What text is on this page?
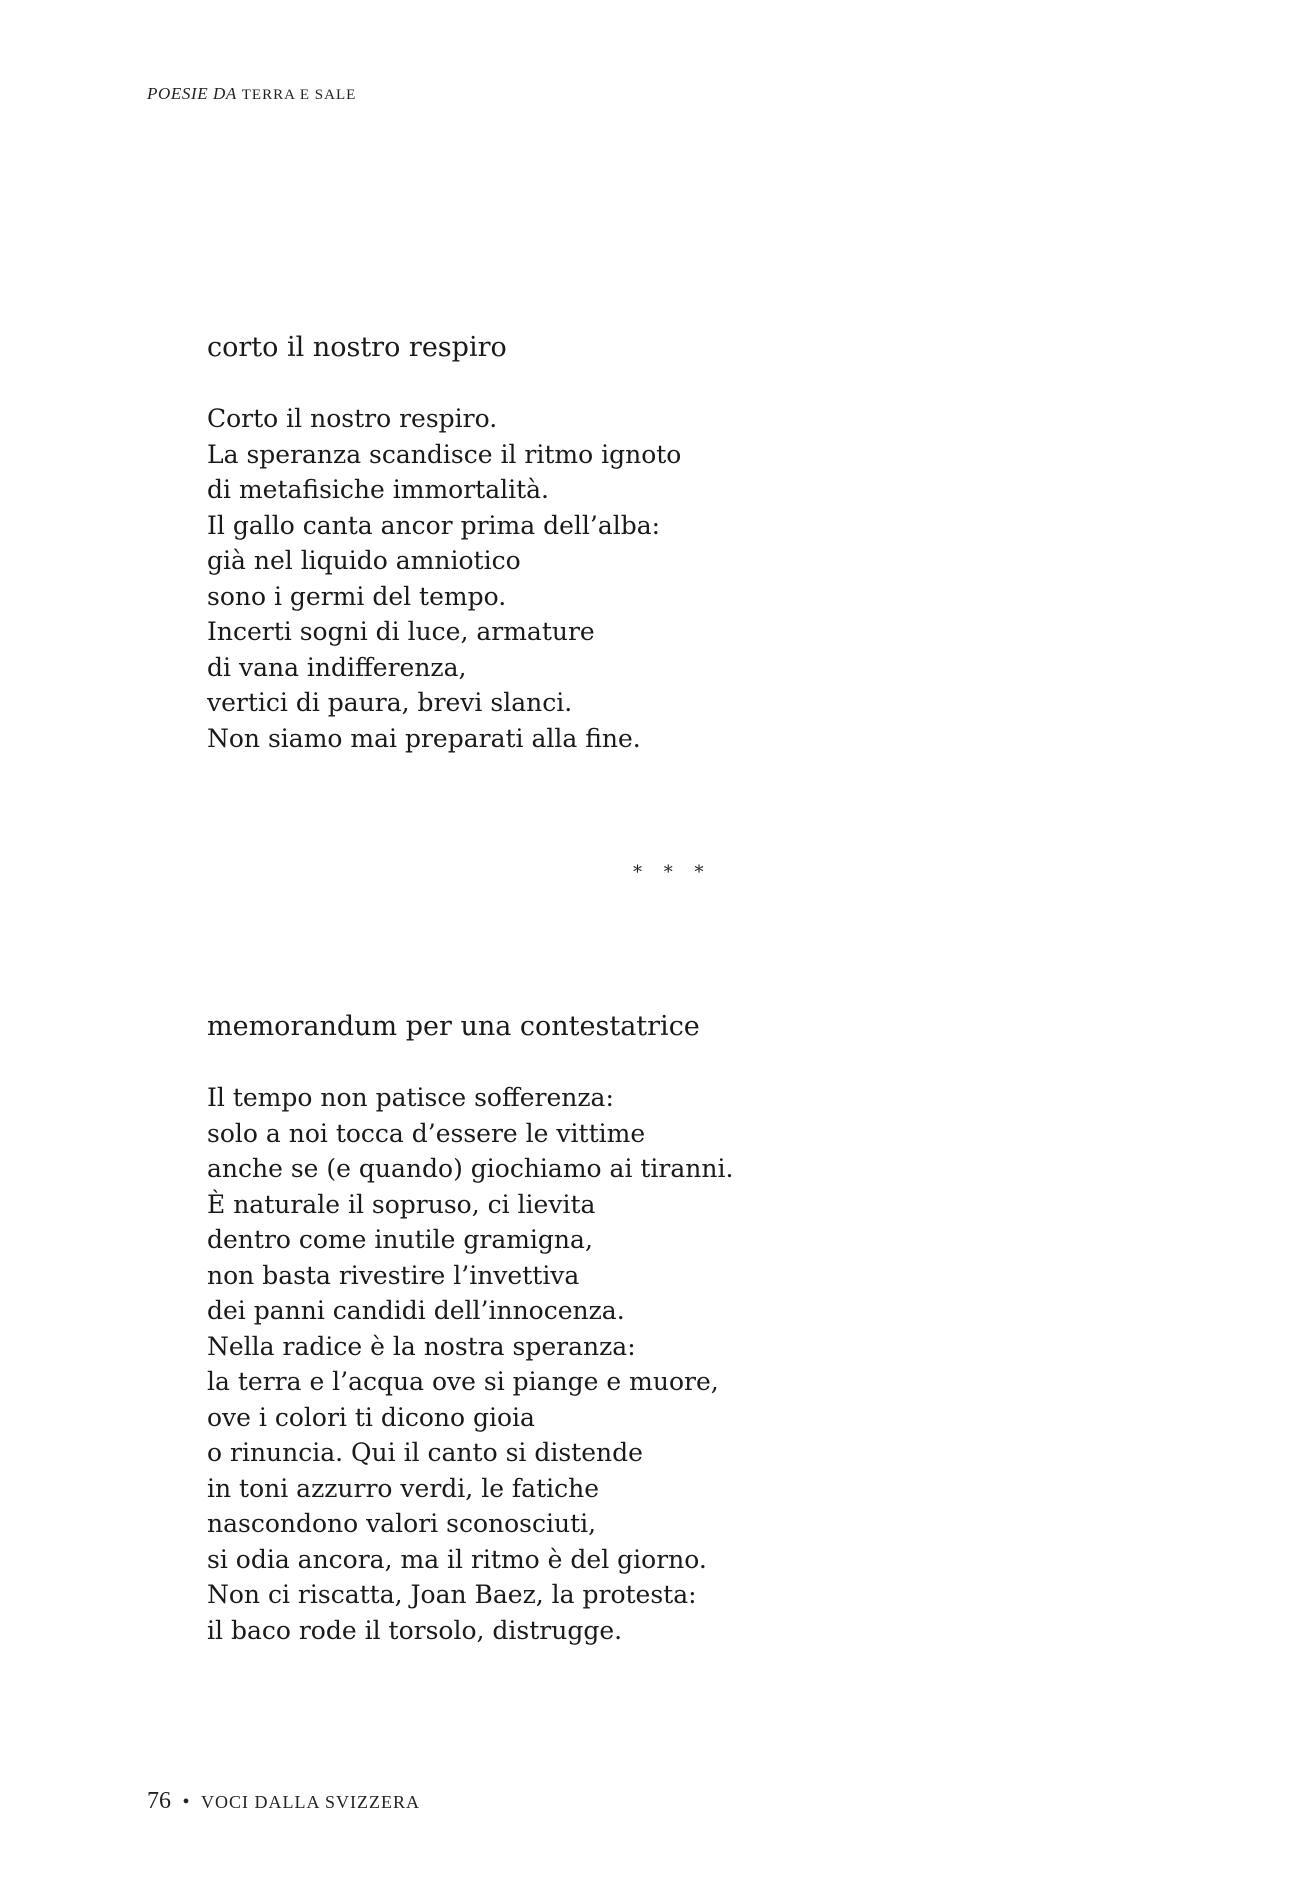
POESIE DA TERRA E SALE
corto il nostro respiro
Corto il nostro respiro.
La speranza scandisce il ritmo ignoto
di metafisiche immortalità.
Il gallo canta ancor prima dell’alba:
già nel liquido amniotico
sono i germi del tempo.
Incerti sogni di luce, armature
di vana indifferenza,
vertici di paura, brevi slanci.
Non siamo mai preparati alla fine.
* * *
memorandum per una contestatrice
Il tempo non patisce sofferenza:
solo a noi tocca d’essere le vittime
anche se (e quando) giochiamo ai tiranni.
È naturale il sopruso, ci lievita
dentro come inutile gramigna,
non basta rivestire l’invettiva
dei panni candidi dell’innocenza.
Nella radice è la nostra speranza:
la terra e l’acqua ove si piange e muore,
ove i colori ti dicono gioia
o rinuncia. Qui il canto si distende
in toni azzurro verdi, le fatiche
nascondono valori sconosciuti,
si odia ancora, ma il ritmo è del giorno.
Non ci riscatta, Joan Baez, la protesta:
il baco rode il torsolo, distrugge.
76 • VOCI DALLA SVIZZERA
